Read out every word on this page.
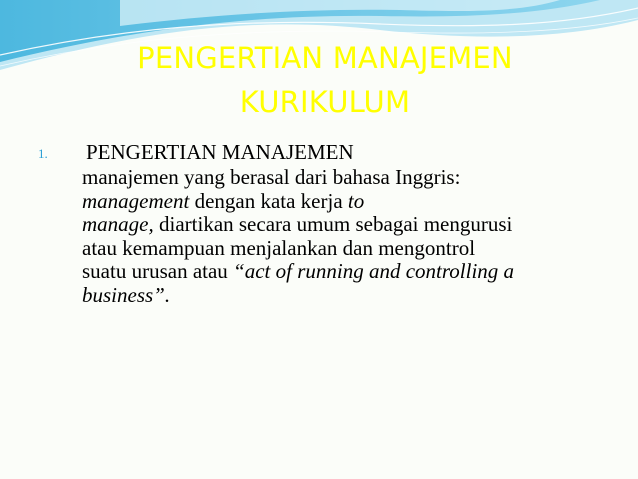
PENGERTIAN MANAJEMEN
KURIKULUM
1. PENGERTIAN MANAJEMEN

manajemen yang berasal dari bahasa Inggris:
management dengan kata kerja to
manage, diartikan secara umum sebagai mengurusi
atau kemampuan menjalankan dan mengontrol
suatu urusan atau “act of running and controlling a
business”.
